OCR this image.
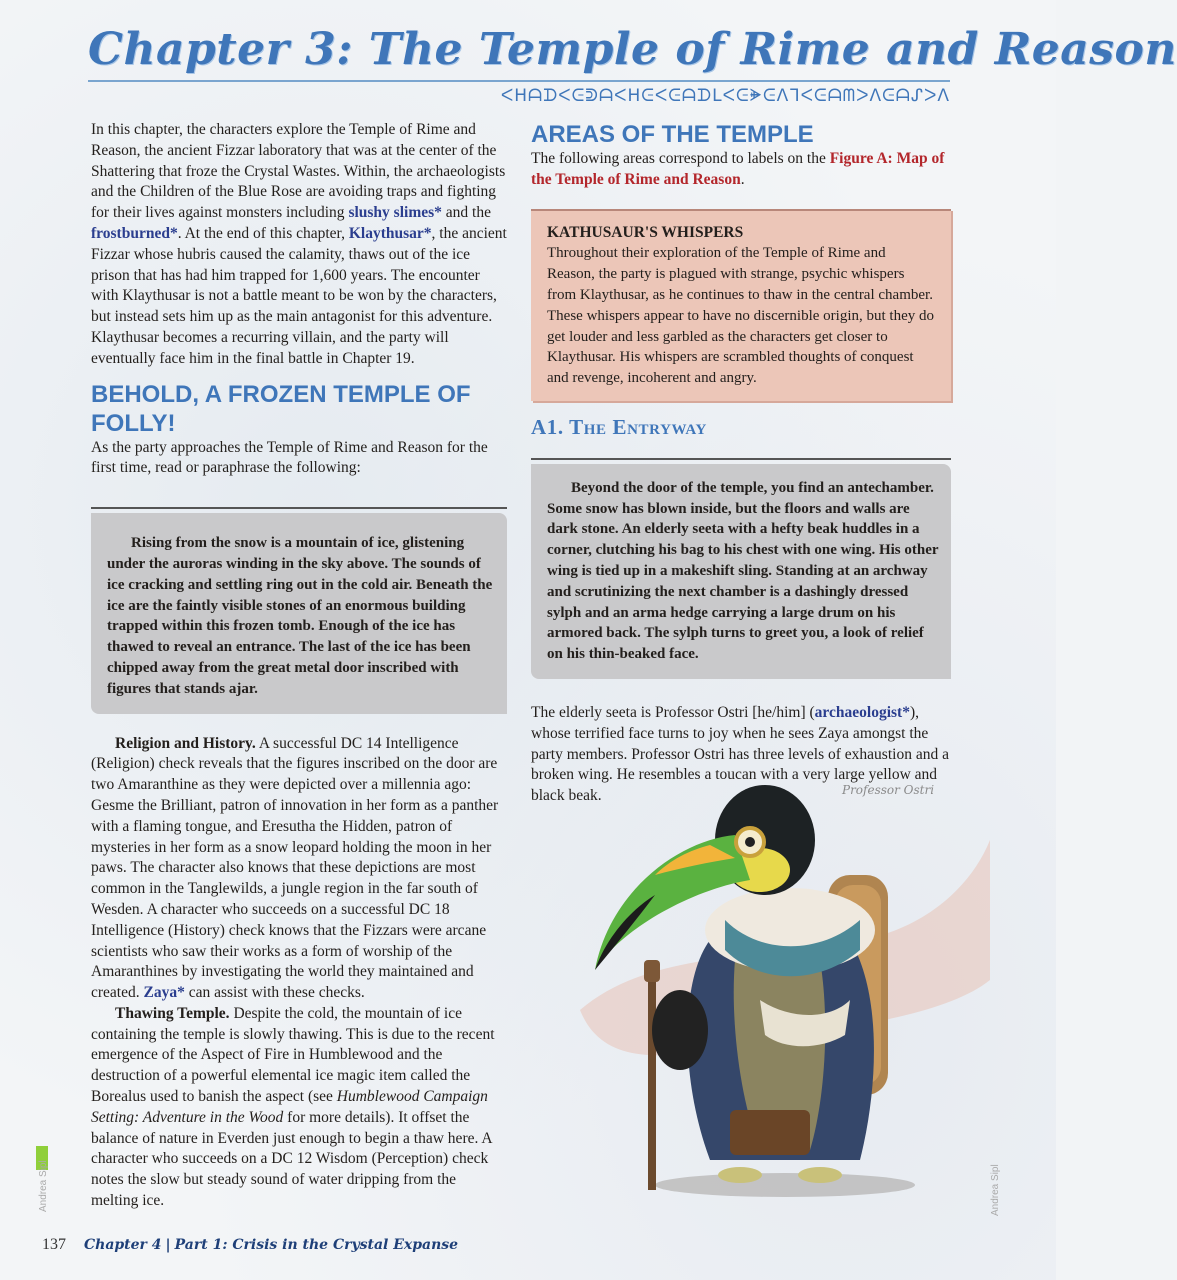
Chapter 3: The Temple of Rime and Reason
ᐸᕼᗩᗪᐸᕮᕲᗩᐸᕼᕮᐸᕮᗩᗪᒪᐸᕮᗙᕮᐱᒣᐸᕮᗩᗰᐳᐱᕮᗩᔑᐳᐱ

In this chapter, the characters explore the Temple of Rime and Reason, the ancient Fizzar laboratory that was at the center of the Shattering that froze the Crystal Wastes. Within, the archaeologists and the Children of the Blue Rose are avoiding traps and fighting for their lives against monsters including slushy slimes* and the frostburned*. At the end of this chapter, Klaythusar*, the ancient Fizzar whose hubris caused the calamity, thaws out of the ice prison that has had him trapped for 1,600 years. The encounter with Klaythusar is not a battle meant to be won by the characters, but instead sets him up as the main antagonist for this adventure. Klaythusar becomes a recurring villain, and the party will eventually face him in the final battle in Chapter 19.

BEHOLD, A FROZEN TEMPLE OF FOLLY!

As the party approaches the Temple of Rime and Reason for the first time, read or paraphrase the following:

Rising from the snow is a mountain of ice, glistening under the auroras winding in the sky above. The sounds of ice cracking and settling ring out in the cold air. Beneath the ice are the faintly visible stones of an enormous building trapped within this frozen tomb. Enough of the ice has thawed to reveal an entrance. The last of the ice has been chipped away from the great metal door inscribed with figures that stands ajar.

Religion and History. A successful DC 14 Intelligence (Religion) check reveals that the figures inscribed on the door are two Amaranthine as they were depicted over a millennia ago: Gesme the Brilliant, patron of innovation in her form as a panther with a flaming tongue, and Eresutha the Hidden, patron of mysteries in her form as a snow leopard holding the moon in her paws. The character also knows that these depictions are most common in the Tanglewilds, a jungle region in the far south of Wesden. A character who succeeds on a successful DC 18 Intelligence (History) check knows that the Fizzars were arcane scientists who saw their works as a form of worship of the Amaranthines by investigating the world they maintained and created. Zaya* can assist with these checks.

Thawing Temple. Despite the cold, the mountain of ice containing the temple is slowly thawing. This is due to the recent emergence of the Aspect of Fire in Humblewood and the destruction of a powerful elemental ice magic item called the Borealus used to banish the aspect (see Humblewood Campaign Setting: Adventure in the Wood for more details). It offset the balance of nature in Everden just enough to begin a thaw here. A character who succeeds on a DC 12 Wisdom (Perception) check notes the slow but steady sound of water dripping from the melting ice.

AREAS OF THE TEMPLE

The following areas correspond to labels on the Figure A: Map of the Temple of Rime and Reason.

KATHUSAUR'S WHISPERS

Throughout their exploration of the Temple of Rime and Reason, the party is plagued with strange, psychic whispers from Klaythusar, as he continues to thaw in the central chamber. These whispers appear to have no discernible origin, but they do get louder and less garbled as the characters get closer to Klaythusar. His whispers are scrambled thoughts of conquest and revenge, incoherent and angry.

A1. The Entryway

Beyond the door of the temple, you find an antechamber. Some snow has blown inside, but the floors and walls are dark stone. An elderly seeta with a hefty beak huddles in a corner, clutching his bag to his chest with one wing. His other wing is tied up in a makeshift sling. Standing at an archway and scrutinizing the next chamber is a dashingly dressed sylph and an arma hedge carrying a large drum on his armored back. The sylph turns to greet you, a look of relief on his thin-beaked face.

The elderly seeta is Professor Ostri [he/him] (archaeologist*), whose terrified face turns to joy when he sees Zaya amongst the party members. Professor Ostri has three levels of exhaustion and a broken wing. He resembles a toucan with a very large yellow and black beak.	Professor Ostri
Andrea Sipl	Andrea Sipl
137 Chapter 4 | Part 1: Crisis in the Crystal Expanse
